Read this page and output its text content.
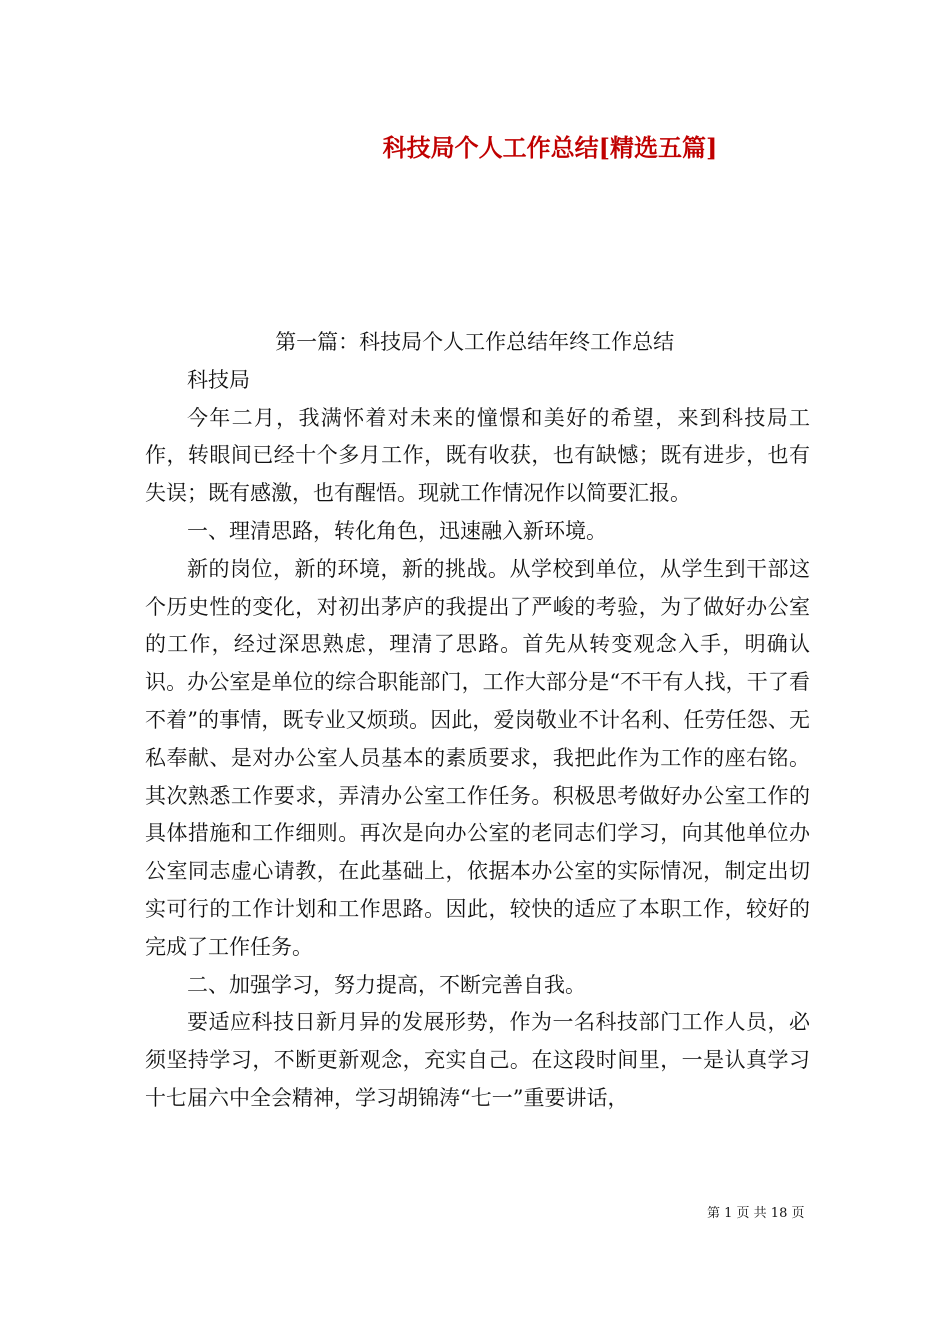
科技局个人工作总结[精选五篇]

第一篇：科技局个人工作总结年终工作总结

科技局

今年二月，我满怀着对未来的憧憬和美好的希望，来到科技局工作，转眼间已经十个多月工作，既有收获，也有缺憾；既有进步，也有失误；既有感激，也有醒悟。现就工作情况作以简要汇报。

一、理清思路，转化角色，迅速融入新环境。

新的岗位，新的环境，新的挑战。从学校到单位，从学生到干部这个历史性的变化，对初出茅庐的我提出了严峻的考验，为了做好办公室的工作，经过深思熟虑，理清了思路。首先从转变观念入手，明确认识。办公室是单位的综合职能部门，工作大部分是“不干有人找，干了看不着”的事情，既专业又烦琐。因此，爱岗敬业不计名利、任劳任怨、无私奉献、是对办公室人员基本的素质要求，我把此作为工作的座右铭。其次熟悉工作要求，弄清办公室工作任务。积极思考做好办公室工作的具体措施和工作细则。再次是向办公室的老同志们学习，向其他单位办公室同志虚心请教，在此基础上，依据本办公室的实际情况，制定出切实可行的工作计划和工作思路。因此，较快的适应了本职工作，较好的完成了工作任务。

二、加强学习，努力提高，不断完善自我。

要适应科技日新月异的发展形势，作为一名科技部门工作人员，必须坚持学习，不断更新观念，充实自己。在这段时间里，一是认真学习十七届六中全会精神，学习胡锦涛“七一”重要讲话，

第 1 页 共 18 页
